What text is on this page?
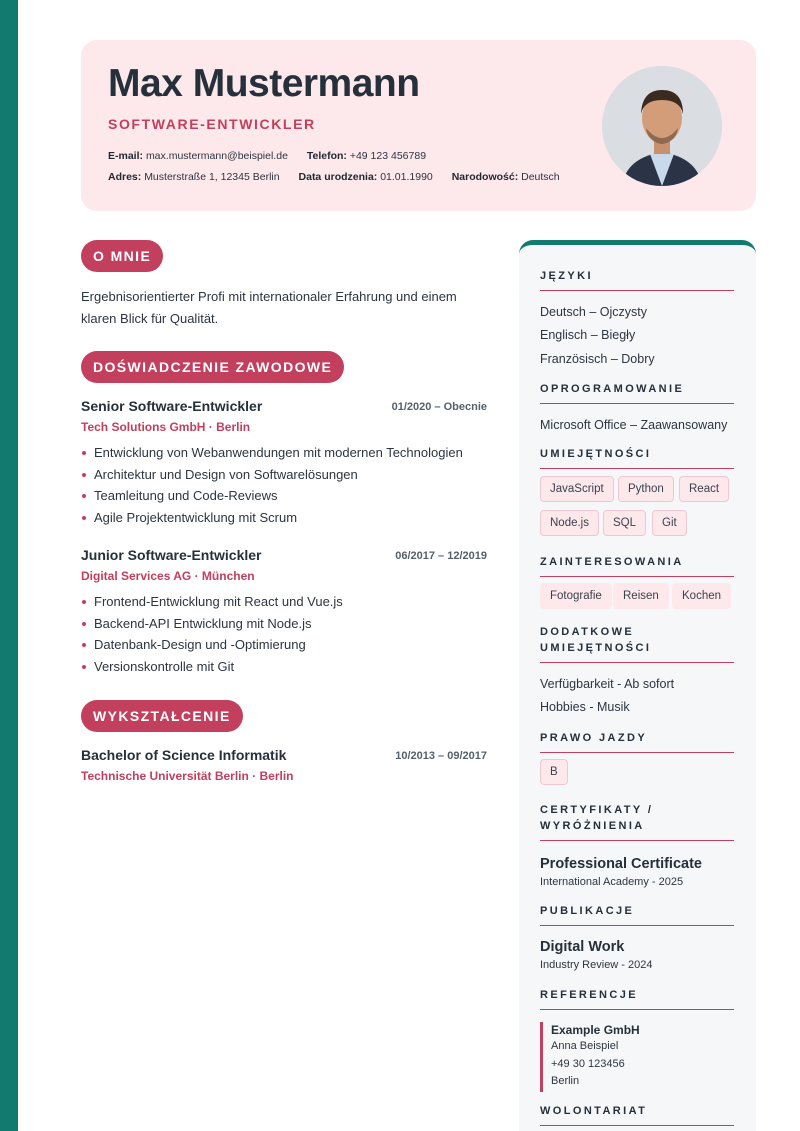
Max Mustermann
SOFTWARE-ENTWICKLER
E-mail: max.mustermann@beispiel.de Telefon: +49 123 456789
Adres: Musterstraße 1, 12345 Berlin Data urodzenia: 01.01.1990 Narodowość: Deutsch
O MNIE
Ergebnisorientierter Profi mit internationaler Erfahrung und einem klaren Blick für Qualität.
DOŚWIADCZENIE ZAWODOWE
Senior Software-Entwickler	01/2020 – Obecnie
Tech Solutions GmbH · Berlin
Entwicklung von Webanwendungen mit modernen Technologien
Architektur und Design von Softwarelösungen
Teamleitung und Code-Reviews
Agile Projektentwicklung mit Scrum
Junior Software-Entwickler	06/2017 – 12/2019
Digital Services AG · München
Frontend-Entwicklung mit React und Vue.js
Backend-API Entwicklung mit Node.js
Datenbank-Design und -Optimierung
Versionskontrolle mit Git
WYKSZTAŁCENIE
Bachelor of Science Informatik	10/2013 – 09/2017
Technische Universität Berlin · Berlin
JĘZYKI
Deutsch – Ojczysty
Englisch – Biegły
Französisch – Dobry
OPROGRAMOWANIE
Microsoft Office – Zaawansowany
UMIEJĘTNOŚCI
JavaScript	Python	React
Node.js	SQL	Git
ZAINTERESOWANIA
Fotografie	Reisen	Kochen
DODATKOWE
UMIEJĘTNOŚCI
Verfügbarkeit - Ab sofort
Hobbies - Musik
PRAWO JAZDY
B
CERTYFIKATY /
WYRÓŻNIENIA
Professional Certificate
International Academy - 2025
PUBLIKACJE
Digital Work
Industry Review - 2024
REFERENCJE
Example GmbH
Anna Beispiel
+49 30 123456
Berlin
WOLONTARIAT
